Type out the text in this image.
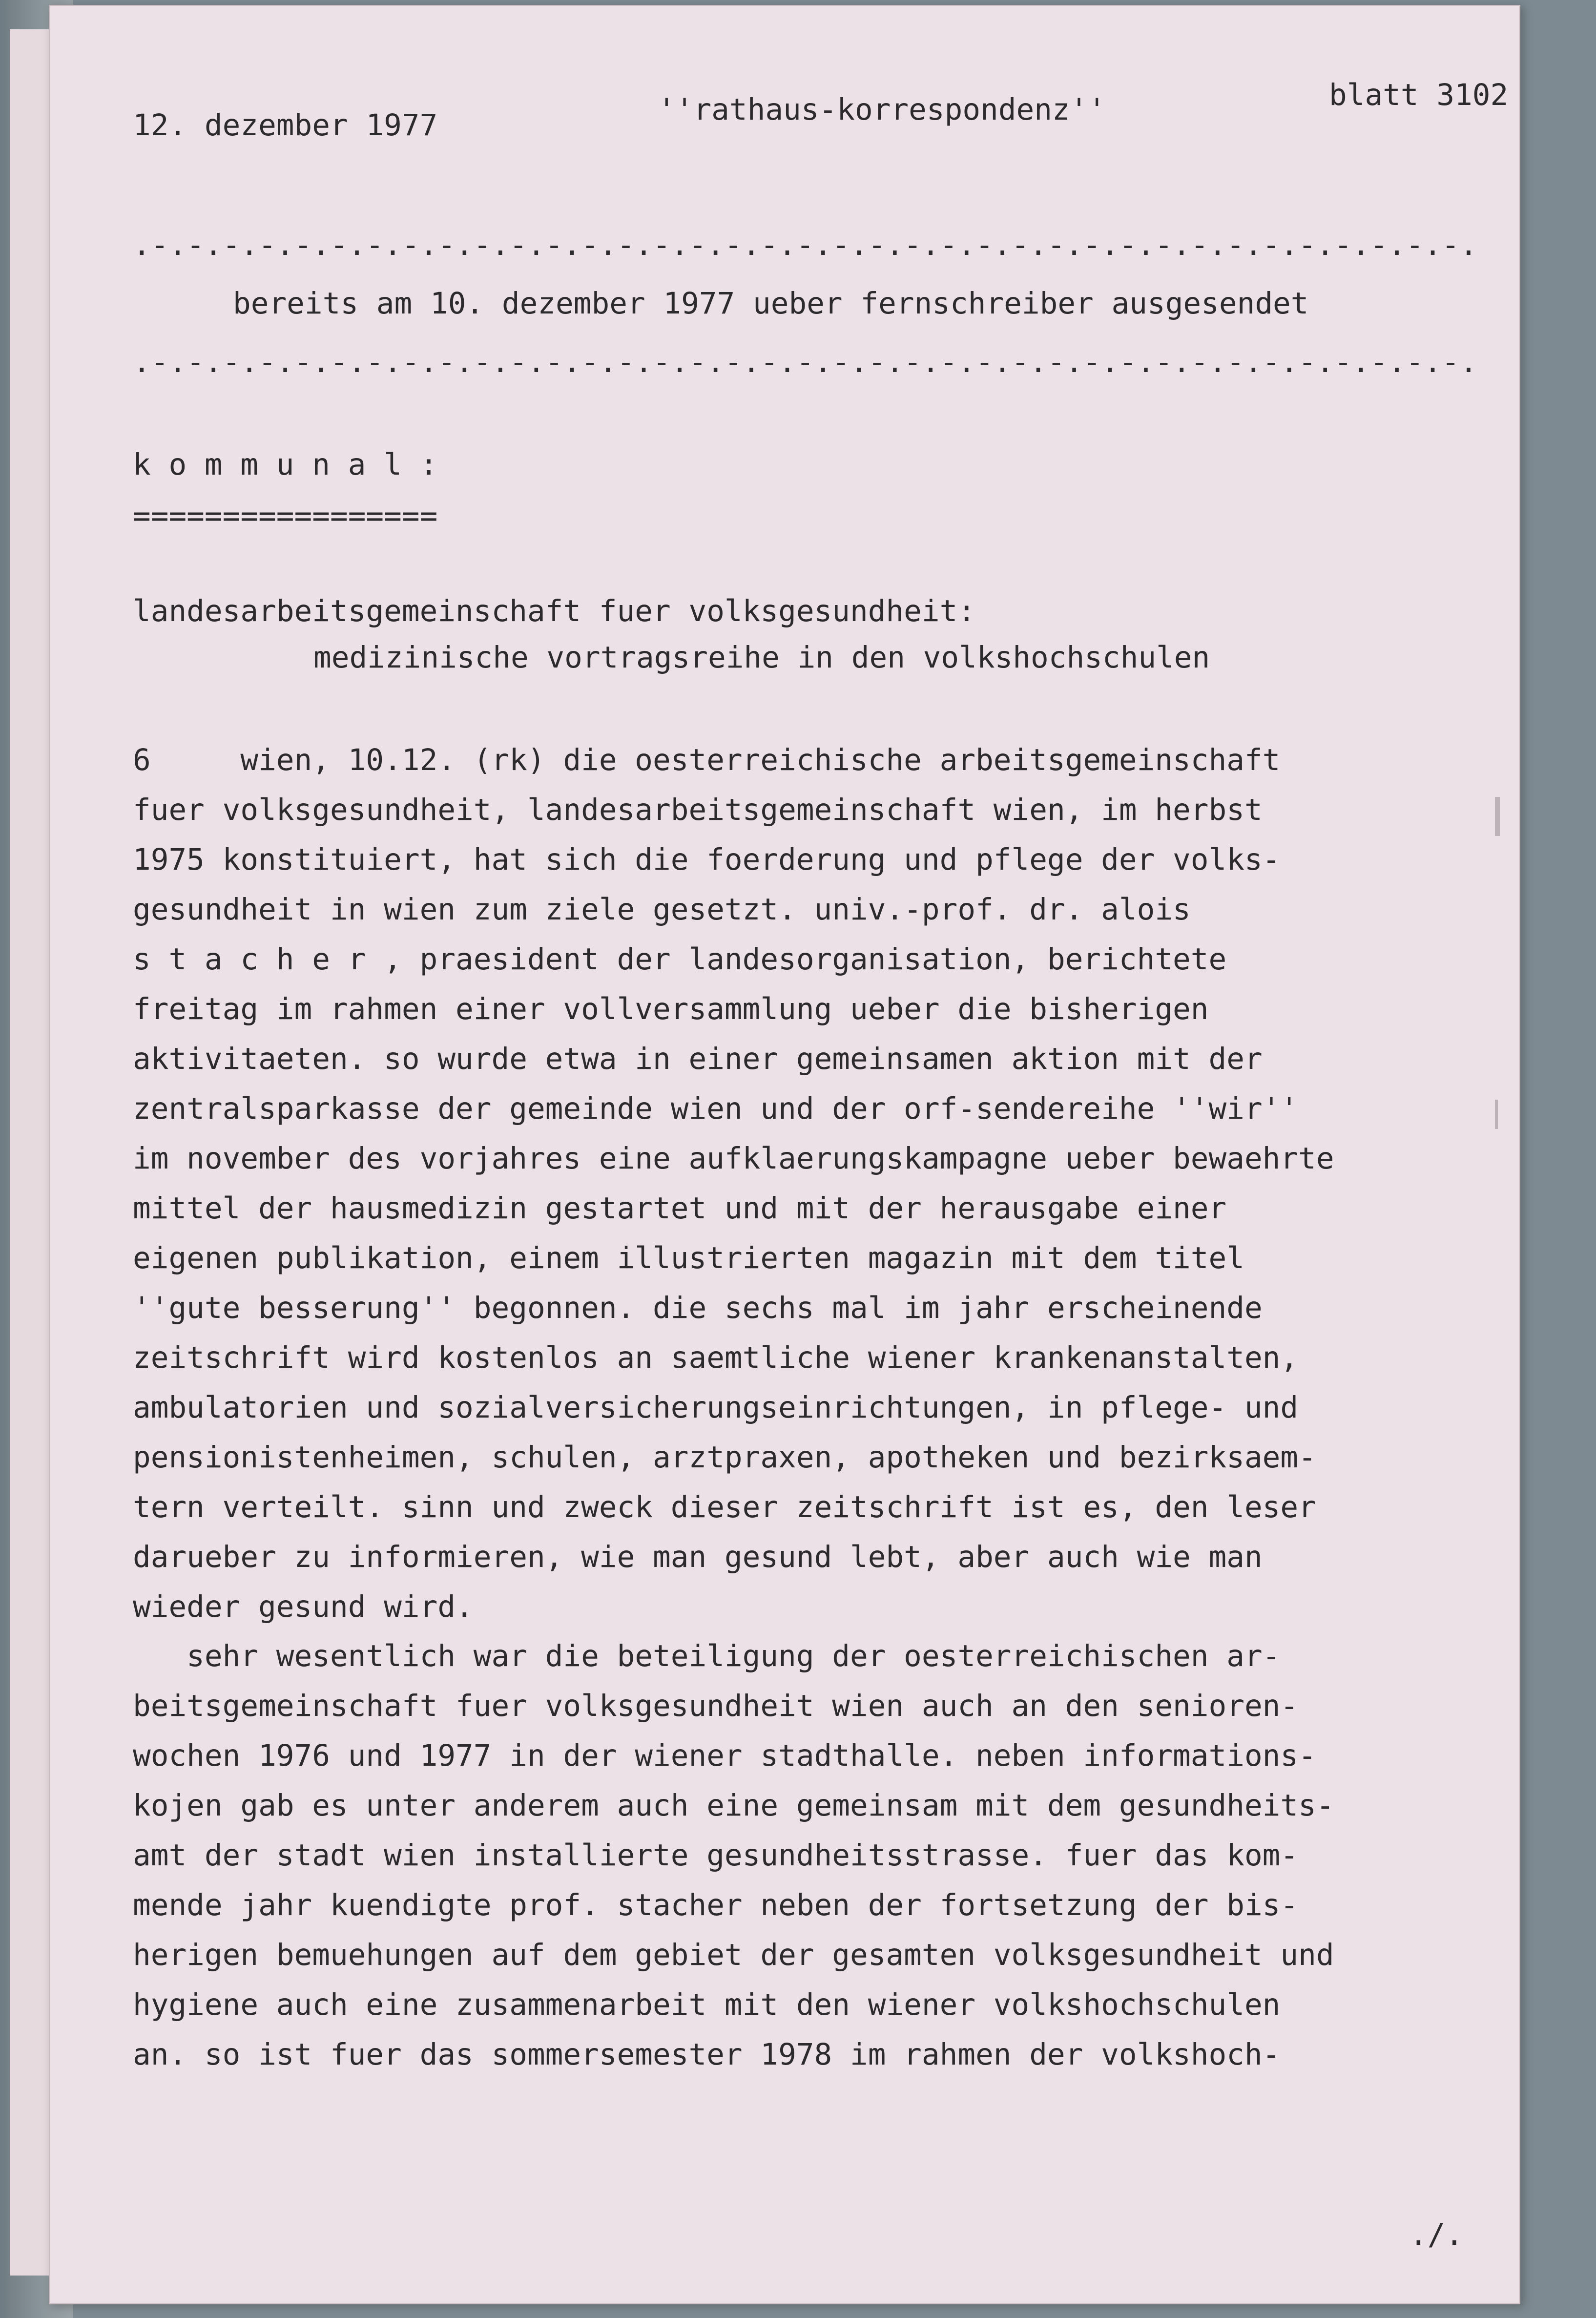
12. dezember 1977	''rathaus-korrespondenz''	blatt 3102
.-.-.-.-.-.-.-.-.-.-.-.-.-.-.-.-.-.-.-.-.-.-.-.-.-.-.-.-.-.-.-.-.-.-.-.-.-.
bereits am 10. dezember 1977 ueber fernschreiber ausgesendet
.-.-.-.-.-.-.-.-.-.-.-.-.-.-.-.-.-.-.-.-.-.-.-.-.-.-.-.-.-.-.-.-.-.-.-.-.-.
k o m m u n a l :
=================
landesarbeitsgemeinschaft fuer volksgesundheit:
medizinische vortragsreihe in den volkshochschulen
6     wien, 10.12. (rk) die oesterreichische arbeitsgemeinschaft
fuer volksgesundheit, landesarbeitsgemeinschaft wien, im herbst
1975 konstituiert, hat sich die foerderung und pflege der volks-
gesundheit in wien zum ziele gesetzt. univ.-prof. dr. alois
s t a c h e r , praesident der landesorganisation, berichtete
freitag im rahmen einer vollversammlung ueber die bisherigen
aktivitaeten. so wurde etwa in einer gemeinsamen aktion mit der
zentralsparkasse der gemeinde wien und der orf-sendereihe ''wir''
im november des vorjahres eine aufklaerungskampagne ueber bewaehrte
mittel der hausmedizin gestartet und mit der herausgabe einer
eigenen publikation, einem illustrierten magazin mit dem titel
''gute besserung'' begonnen. die sechs mal im jahr erscheinende
zeitschrift wird kostenlos an saemtliche wiener krankenanstalten,
ambulatorien und sozialversicherungseinrichtungen, in pflege- und
pensionistenheimen, schulen, arztpraxen, apotheken und bezirksaem-
tern verteilt. sinn und zweck dieser zeitschrift ist es, den leser
darueber zu informieren, wie man gesund lebt, aber auch wie man
wieder gesund wird.
sehr wesentlich war die beteiligung der oesterreichischen ar-
beitsgemeinschaft fuer volksgesundheit wien auch an den senioren-
wochen 1976 und 1977 in der wiener stadthalle. neben informations-
kojen gab es unter anderem auch eine gemeinsam mit dem gesundheits-
amt der stadt wien installierte gesundheitsstrasse. fuer das kom-
mende jahr kuendigte prof. stacher neben der fortsetzung der bis-
herigen bemuehungen auf dem gebiet der gesamten volksgesundheit und
hygiene auch eine zusammenarbeit mit den wiener volkshochschulen
an. so ist fuer das sommersemester 1978 im rahmen der volkshoch-
./.
